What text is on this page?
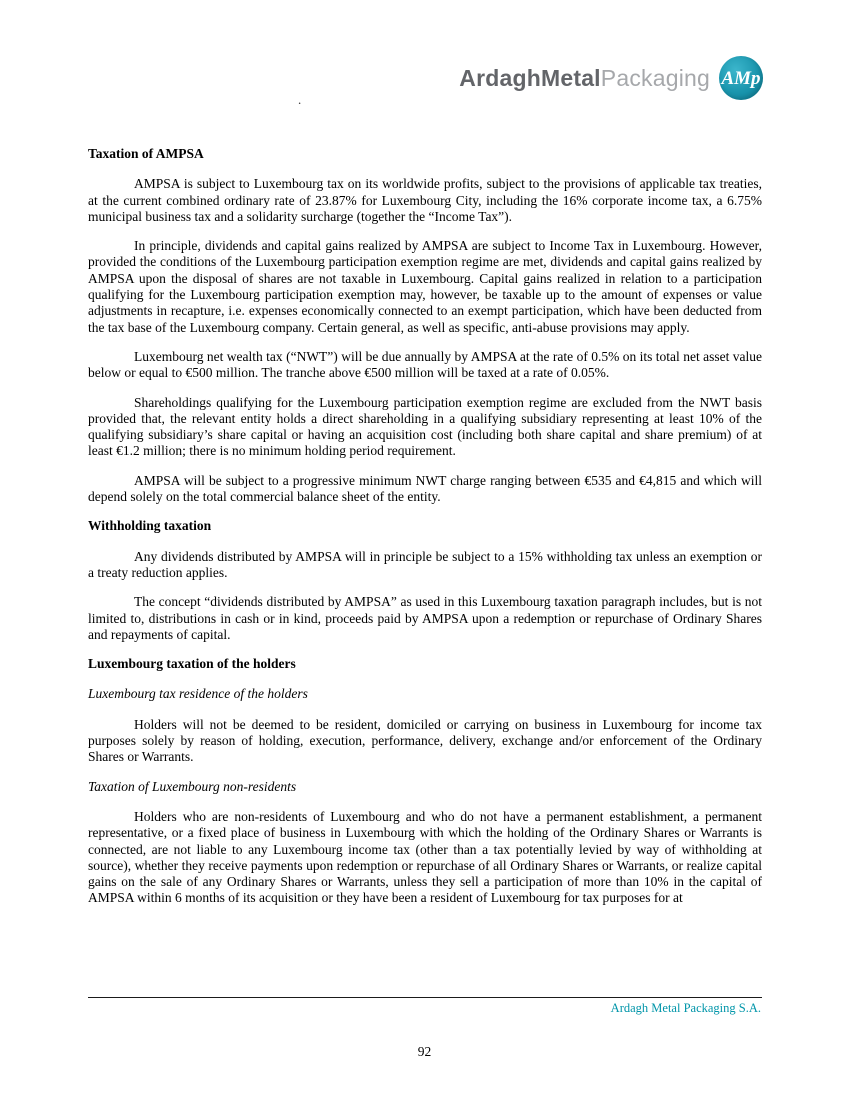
ArdaghMetalPackaging AMp
.

Taxation of AMPSA

AMPSA is subject to Luxembourg tax on its worldwide profits, subject to the provisions of applicable tax treaties, at the current combined ordinary rate of 23.87% for Luxembourg City, including the 16% corporate income tax, a 6.75% municipal business tax and a solidarity surcharge (together the “Income Tax”).

In principle, dividends and capital gains realized by AMPSA are subject to Income Tax in Luxembourg. However, provided the conditions of the Luxembourg participation exemption regime are met, dividends and capital gains realized by AMPSA upon the disposal of shares are not taxable in Luxembourg. Capital gains realized in relation to a participation qualifying for the Luxembourg participation exemption may, however, be taxable up to the amount of expenses or value adjustments in recapture, i.e. expenses economically connected to an exempt participation, which have been deducted from the tax base of the Luxembourg company. Certain general, as well as specific, anti-abuse provisions may apply.

Luxembourg net wealth tax (“NWT”) will be due annually by AMPSA at the rate of 0.5% on its total net asset value below or equal to €500 million. The tranche above €500 million will be taxed at a rate of 0.05%.

Shareholdings qualifying for the Luxembourg participation exemption regime are excluded from the NWT basis provided that, the relevant entity holds a direct shareholding in a qualifying subsidiary representing at least 10% of the qualifying subsidiary’s share capital or having an acquisition cost (including both share capital and share premium) of at least €1.2 million; there is no minimum holding period requirement.

AMPSA will be subject to a progressive minimum NWT charge ranging between €535 and €4,815 and which will depend solely on the total commercial balance sheet of the entity.

Withholding taxation

Any dividends distributed by AMPSA will in principle be subject to a 15% withholding tax unless an exemption or a treaty reduction applies.

The concept “dividends distributed by AMPSA” as used in this Luxembourg taxation paragraph includes, but is not limited to, distributions in cash or in kind, proceeds paid by AMPSA upon a redemption or repurchase of Ordinary Shares and repayments of capital.

Luxembourg taxation of the holders

Luxembourg tax residence of the holders

Holders will not be deemed to be resident, domiciled or carrying on business in Luxembourg for income tax purposes solely by reason of holding, execution, performance, delivery, exchange and/or enforcement of the Ordinary Shares or Warrants.

Taxation of Luxembourg non-residents

Holders who are non-residents of Luxembourg and who do not have a permanent establishment, a permanent representative, or a fixed place of business in Luxembourg with which the holding of the Ordinary Shares or Warrants is connected, are not liable to any Luxembourg income tax (other than a tax potentially levied by way of withholding at source), whether they receive payments upon redemption or repurchase of all Ordinary Shares or Warrants, or realize capital gains on the sale of any Ordinary Shares or Warrants, unless they sell a participation of more than 10% in the capital of AMPSA within 6 months of its acquisition or they have been a resident of Luxembourg for tax purposes for at

Ardagh Metal Packaging S.A.
92
